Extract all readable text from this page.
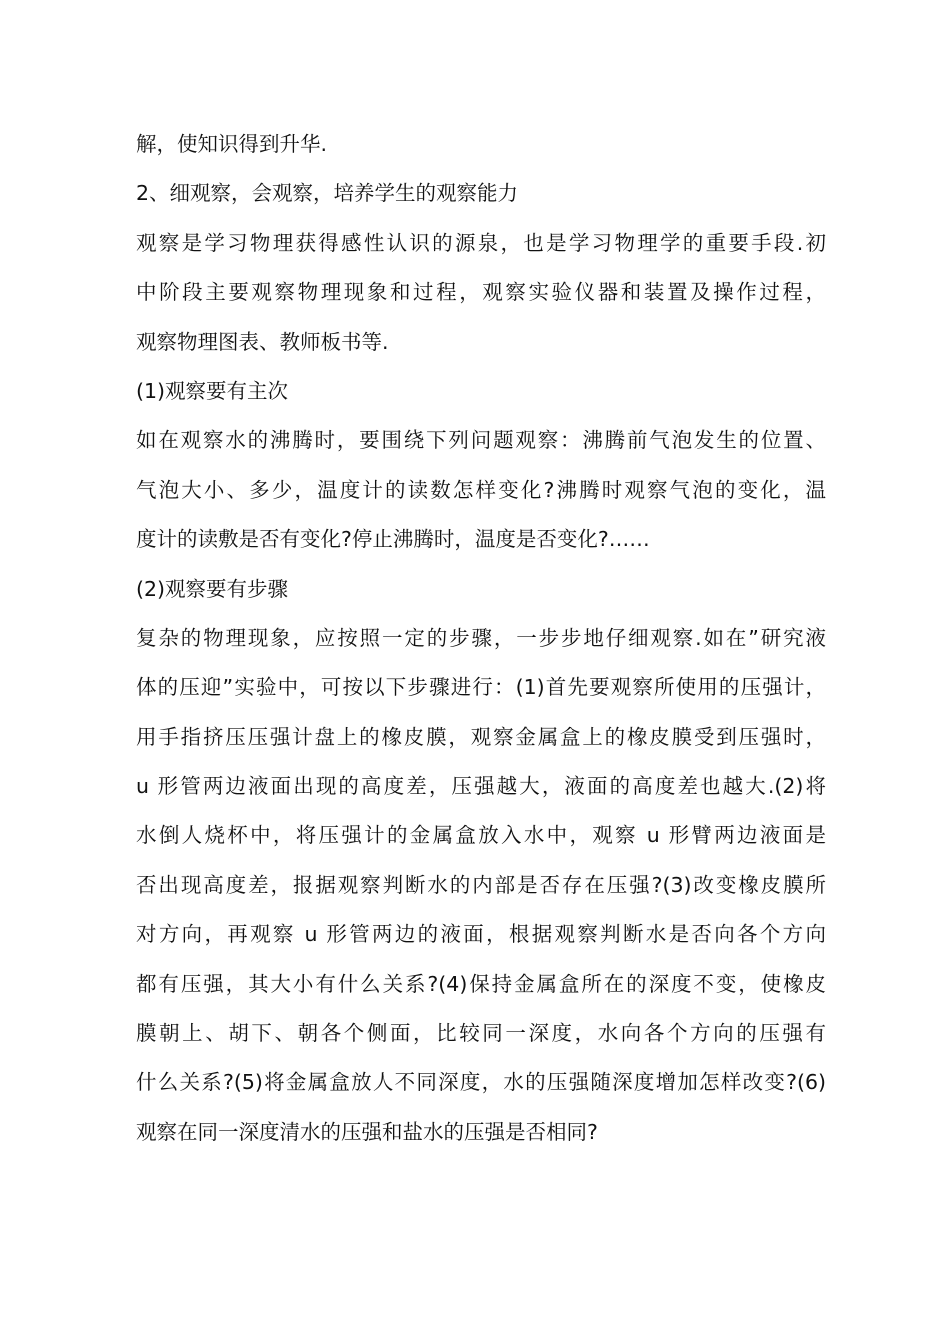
解，使知识得到升华.
2、细观察，会观察，培养学生的观察能力
观察是学习物理获得感性认识的源泉，也是学习物理学的重要手段.初
中阶段主要观察物理现象和过程，观察实验仪器和装置及操作过程，
观察物理图表、教师板书等.
(1)观察要有主次
如在观察水的沸腾时，要围绕下列问题观察：沸腾前气泡发生的位置、
气泡大小、多少，温度计的读数怎样变化?沸腾时观察气泡的变化，温
度计的读敷是否有变化?停止沸腾时，温度是否变化?……
(2)观察要有步骤
复杂的物理现象，应按照一定的步骤，一步步地仔细观察.如在”研究液
体的压迎”实验中，可按以下步骤进行：(1)首先要观察所使用的压强计，
用手指挤压压强计盘上的橡皮膜，观察金属盒上的橡皮膜受到压强时，
u 形管两边液面出现的高度差，压强越大，液面的高度差也越大.(2)将
水倒人烧杯中，将压强计的金属盒放入水中，观察 u 形臂两边液面是
否出现高度差，报据观察判断水的内部是否存在压强?(3)改变橡皮膜所
对方向，再观察 u 形管两边的液面，根据观察判断水是否向各个方向
都有压强，其大小有什么关系?(4)保持金属盒所在的深度不变，使橡皮
膜朝上、胡下、朝各个侧面，比较同一深度，水向各个方向的压强有
什么关系?(5)将金属盒放人不同深度，水的压强随深度增加怎样改变?(6)
观察在同一深度清水的压强和盐水的压强是否相同?
